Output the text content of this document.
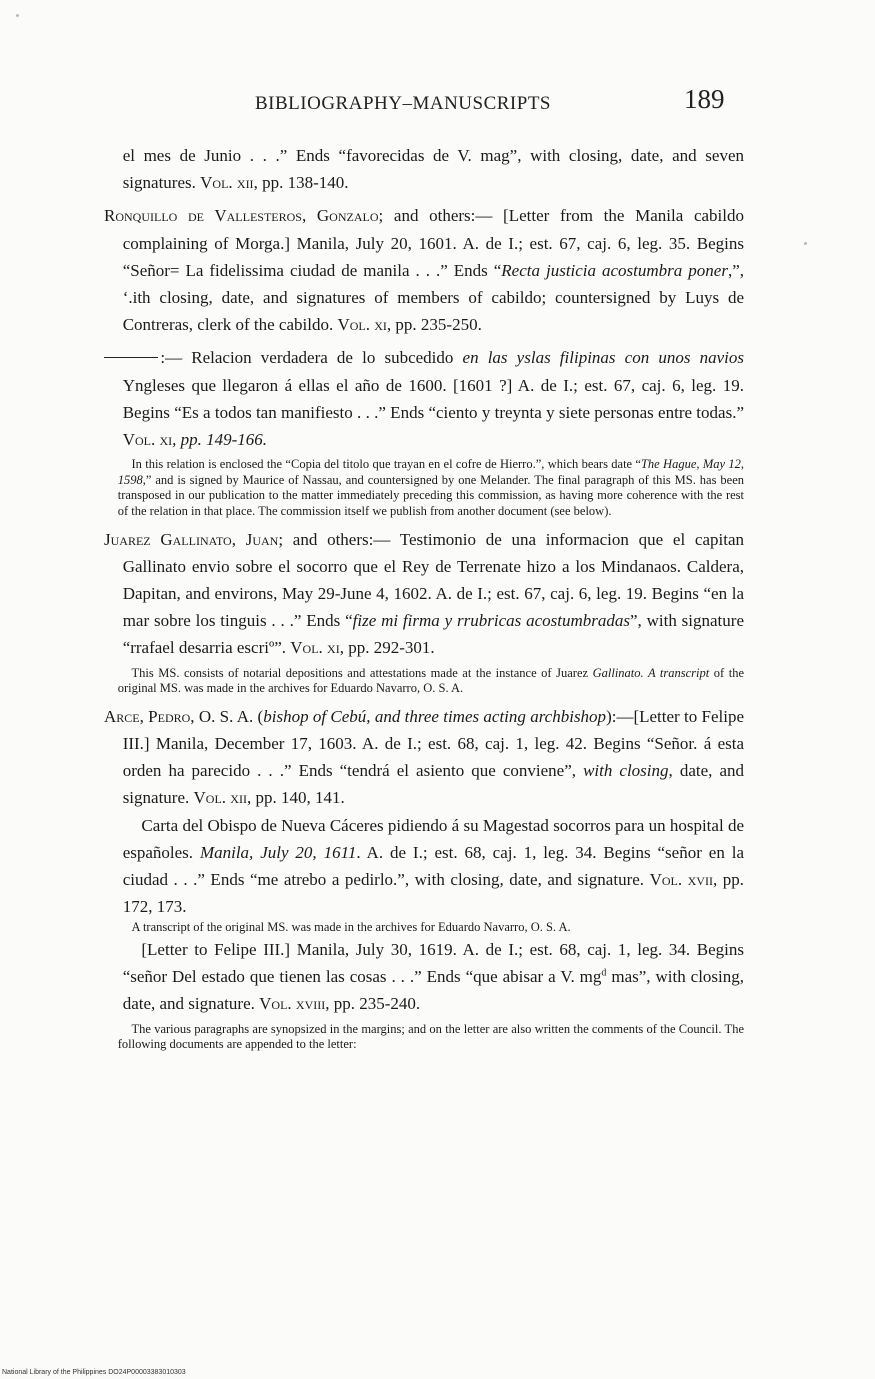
BIBLIOGRAPHY–MANUSCRIPTS	189

el mes de Junio . . .” Ends “favorecidas de V. mag”, with closing, date, and seven signatures. Vol. xii, pp. 138-140.

Ronquillo de Vallesteros, Gonzalo; and others:— [Letter from the Manila cabildo complaining of Morga.] Manila, July 20, 1601. A. de I.; est. 67, caj. 6, leg. 35. Begins “Señor= La fidelissima ciudad de manila . . .” Ends “Recta justicia acostumbra poner,”, ‘.ith closing, date, and signatures of members of cabildo; countersigned by Luys de Contreras, clerk of the cabildo. Vol. xi, pp. 235-250.

:— Relacion verdadera de lo subcedido en las yslas filipinas con unos navios Yngleses que llegaron á ellas el año de 1600. [1601 ?] A. de I.; est. 67, caj. 6, leg. 19. Begins “Es a todos tan manifiesto . . .” Ends “ciento y treynta y siete personas entre todas.” Vol. xi, pp. 149-166.

In this relation is enclosed the “Copia del titolo que trayan en el cofre de Hierro.”, which bears date “The Hague, May 12, 1598,” and is signed by Maurice of Nassau, and countersigned by one Melander. The final paragraph of this MS. has been transposed in our publication to the matter immediately preceding this commission, as having more coherence with the rest of the relation in that place. The commission itself we publish from another document (see below).

Juarez Gallinato, Juan; and others:— Testimonio de una informacion que el capitan Gallinato envio sobre el socorro que el Rey de Terrenate hizo a los Mindanaos. Caldera, Dapitan, and environs, May 29-June 4, 1602. A. de I.; est. 67, caj. 6, leg. 19. Begins “en la mar sobre los tinguis . . .” Ends “fize mi firma y rrubricas acostumbradas”, with signature “rrafael desarria escriº”. Vol. xi, pp. 292-301.

This MS. consists of notarial depositions and attestations made at the instance of Juarez Gallinato. A transcript of the original MS. was made in the archives for Eduardo Navarro, O. S. A.

Arce, Pedro, O. S. A. (bishop of Cebú, and three times acting archbishop):—[Letter to Felipe III.] Manila, December 17, 1603. A. de I.; est. 68, caj. 1, leg. 42. Begins “Señor. á esta orden ha parecido . . .” Ends “tendrá el asiento que conviene”, with closing, date, and signature. Vol. xii, pp. 140, 141.

Carta del Obispo de Nueva Cáceres pidiendo á su Magestad socorros para un hospital de españoles. Manila, July 20, 1611. A. de I.; est. 68, caj. 1, leg. 34. Begins “señor en la ciudad . . .” Ends “me atrebo a pedirlo.”, with closing, date, and signature. Vol. xvii, pp. 172, 173.

A transcript of the original MS. was made in the archives for Eduardo Navarro, O. S. A.

[Letter to Felipe III.] Manila, July 30, 1619. A. de I.; est. 68, caj. 1, leg. 34. Begins “señor Del estado que tienen las cosas . . .” Ends “que abisar a V. $mg^d$ mas”, with closing, date, and signature. Vol. xviii, pp. 235-240.

The various paragraphs are synopsized in the margins; and on the letter are also written the comments of the Council. The following documents are appended to the letter:

National Library of the Philippines DO24P00003383010303
